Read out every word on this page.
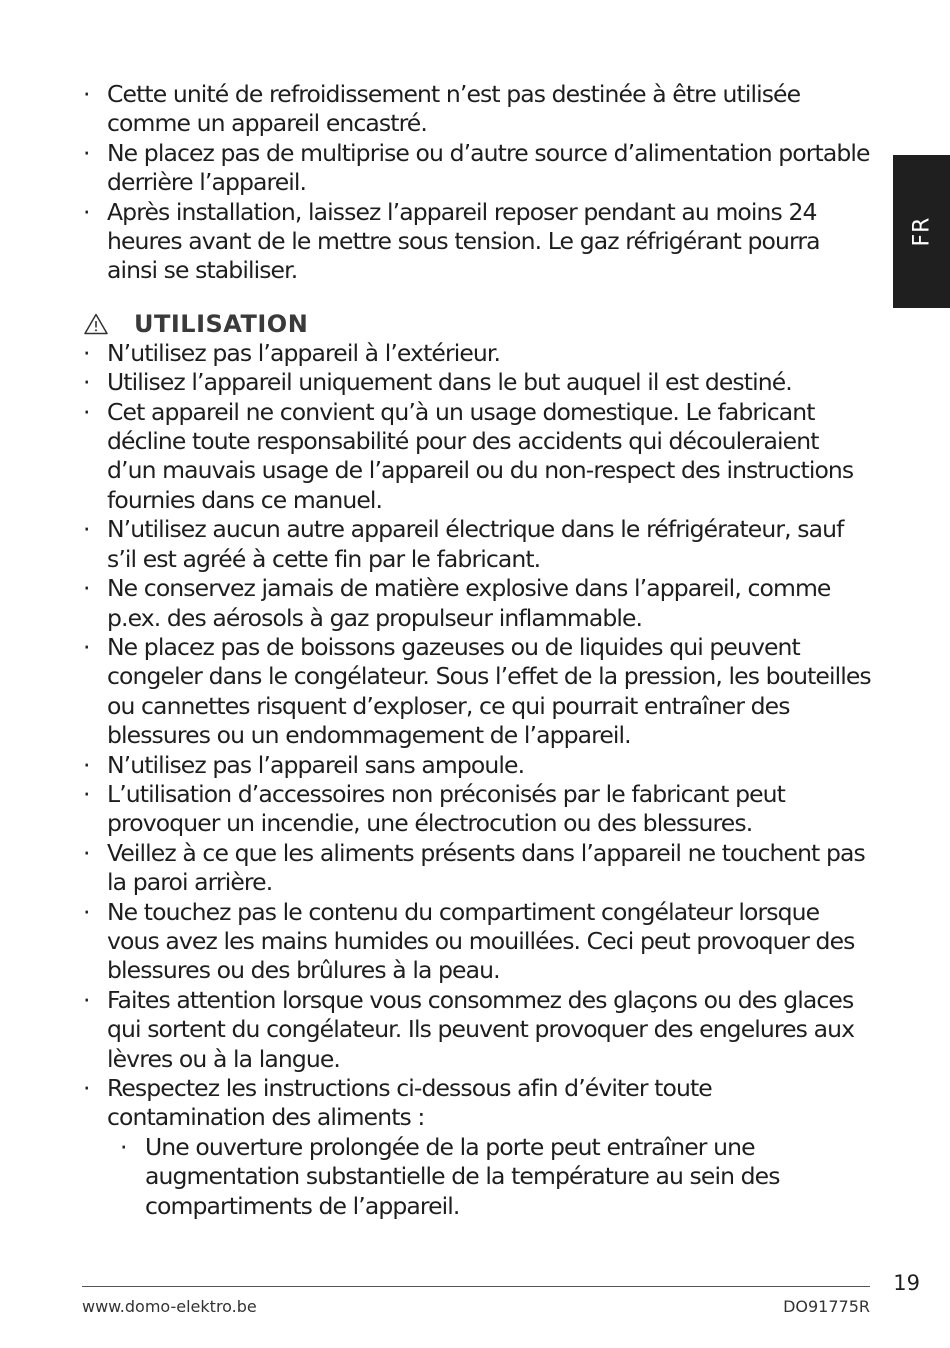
· Cette unité de refroidissement n’est pas destinée à être utilisée comme un appareil encastré.
· Ne placez pas de multiprise ou d’autre source d’alimentation portable derrière l’appareil.
· Après installation, laissez l’appareil reposer pendant au moins 24 heures avant de le mettre sous tension. Le gaz réfrigérant pourra ainsi se stabiliser.
UTILISATION
· N’utilisez pas l’appareil à l’extérieur.
· Utilisez l’appareil uniquement dans le but auquel il est destiné.
· Cet appareil ne convient qu’à un usage domestique. Le fabricant décline toute responsabilité pour des accidents qui découleraient d’un mauvais usage de l’appareil ou du non-respect des instructions fournies dans ce manuel.
· N’utilisez aucun autre appareil électrique dans le réfrigérateur, sauf s’il est agréé à cette fin par le fabricant.
· Ne conservez jamais de matière explosive dans l’appareil, comme p.ex. des aérosols à gaz propulseur inflammable.
· Ne placez pas de boissons gazeuses ou de liquides qui peuvent congeler dans le congélateur. Sous l’effet de la pression, les bouteilles ou cannettes risquent d’exploser, ce qui pourrait entraîner des blessures ou un endommagement de l’appareil.
· N’utilisez pas l’appareil sans ampoule.
· L’utilisation d’accessoires non préconisés par le fabricant peut provoquer un incendie, une électrocution ou des blessures.
· Veillez à ce que les aliments présents dans l’appareil ne touchent pas la paroi arrière.
· Ne touchez pas le contenu du compartiment congélateur lorsque vous avez les mains humides ou mouillées. Ceci peut provoquer des blessures ou des brûlures à la peau.
· Faites attention lorsque vous consommez des glaçons ou des glaces qui sortent du congélateur. Ils peuvent provoquer des engelures aux lèvres ou à la langue.
· Respectez les instructions ci-dessous afin d’éviter toute contamination des aliments :
· Une ouverture prolongée de la porte peut entraîner une augmentation substantielle de la température au sein des compartiments de l’appareil.
FR
19
www.domo-elektro.be	DO91775R
